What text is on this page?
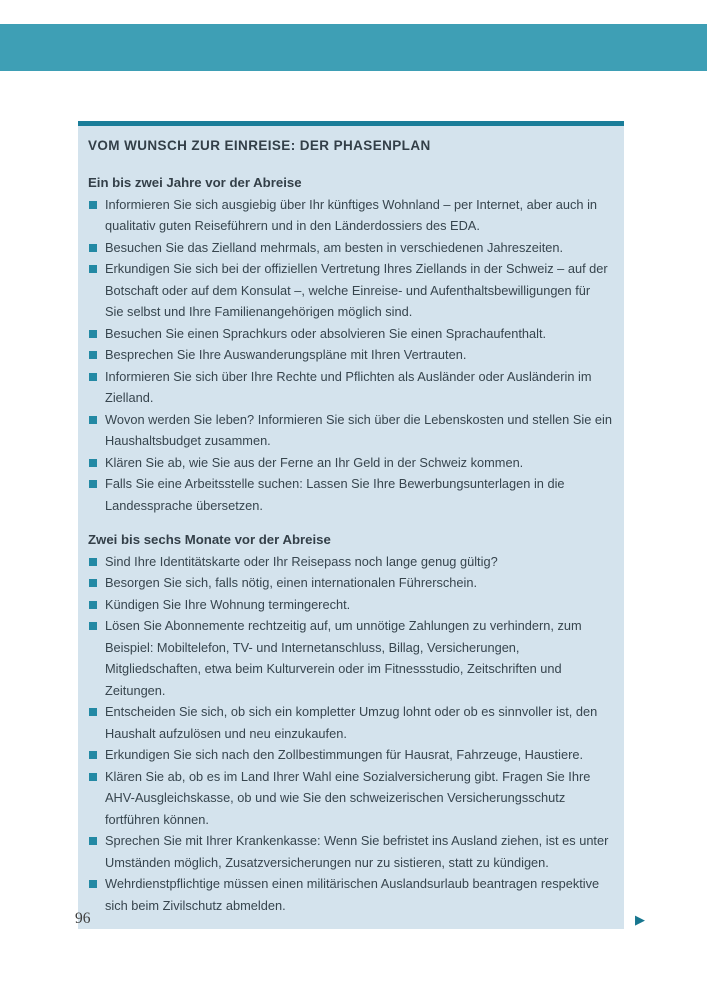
VOM WUNSCH ZUR EINREISE: DER PHASENPLAN
Ein bis zwei Jahre vor der Abreise
Informieren Sie sich ausgiebig über Ihr künftiges Wohnland – per Internet, aber auch in qualitativ guten Reiseführern und in den Länderdossiers des EDA.
Besuchen Sie das Zielland mehrmals, am besten in verschiedenen Jahreszeiten.
Erkundigen Sie sich bei der offiziellen Vertretung Ihres Ziellands in der Schweiz – auf der Botschaft oder auf dem Konsulat –, welche Einreise- und Aufenthaltsbewilligungen für Sie selbst und Ihre Familienangehörigen möglich sind.
Besuchen Sie einen Sprachkurs oder absolvieren Sie einen Sprachaufenthalt.
Besprechen Sie Ihre Auswanderungspläne mit Ihren Vertrauten.
Informieren Sie sich über Ihre Rechte und Pflichten als Ausländer oder Ausländerin im Zielland.
Wovon werden Sie leben? Informieren Sie sich über die Lebenskosten und stellen Sie ein Haushaltsbudget zusammen.
Klären Sie ab, wie Sie aus der Ferne an Ihr Geld in der Schweiz kommen.
Falls Sie eine Arbeitsstelle suchen: Lassen Sie Ihre Bewerbungsunterlagen in die Landessprache übersetzen.
Zwei bis sechs Monate vor der Abreise
Sind Ihre Identitätskarte oder Ihr Reisepass noch lange genug gültig?
Besorgen Sie sich, falls nötig, einen internationalen Führerschein.
Kündigen Sie Ihre Wohnung termingerecht.
Lösen Sie Abonnemente rechtzeitig auf, um unnötige Zahlungen zu verhindern, zum Beispiel: Mobiltelefon, TV- und Internetanschluss, Billag, Versicherungen, Mitgliedschaften, etwa beim Kulturverein oder im Fitnessstudio, Zeitschriften und Zeitungen.
Entscheiden Sie sich, ob sich ein kompletter Umzug lohnt oder ob es sinnvoller ist, den Haushalt aufzulösen und neu einzukaufen.
Erkundigen Sie sich nach den Zollbestimmungen für Hausrat, Fahrzeuge, Haustiere.
Klären Sie ab, ob es im Land Ihrer Wahl eine Sozialversicherung gibt. Fragen Sie Ihre AHV-Ausgleichskasse, ob und wie Sie den schweizerischen Versicherungsschutz fortführen können.
Sprechen Sie mit Ihrer Krankenkasse: Wenn Sie befristet ins Ausland ziehen, ist es unter Umständen möglich, Zusatzversicherungen nur zu sistieren, statt zu kündigen.
Wehrdienstpflichtige müssen einen militärischen Auslandsurlaub beantragen respektive sich beim Zivilschutz abmelden.
▶
96
